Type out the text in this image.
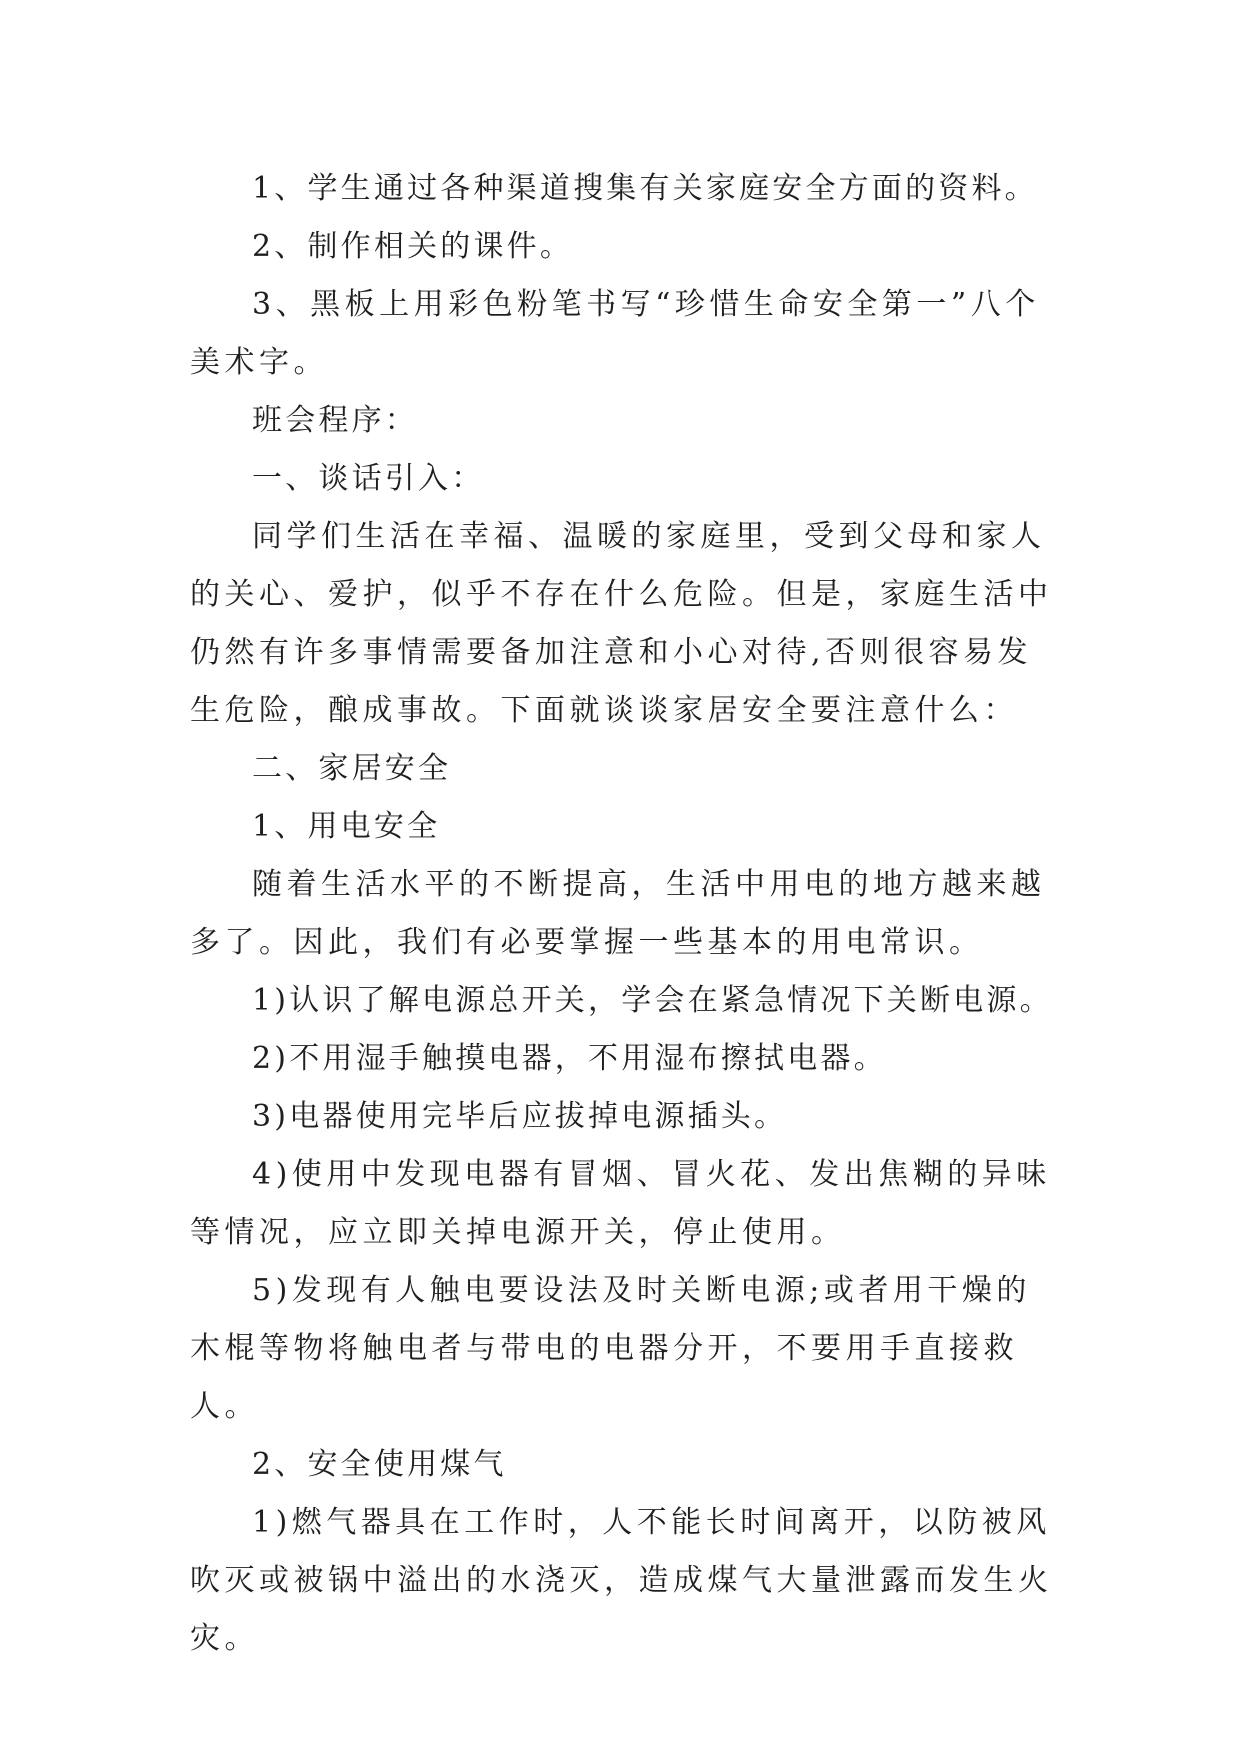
1、学生通过各种渠道搜集有关家庭安全方面的资料。

2、制作相关的课件。

3、黑板上用彩色粉笔书写“珍惜生命安全第一”八个美术字。

班会程序：

一、谈话引入：

同学们生活在幸福、温暖的家庭里，受到父母和家人的关心、爱护，似乎不存在什么危险。但是，家庭生活中仍然有许多事情需要备加注意和小心对待,否则很容易发生危险，酿成事故。下面就谈谈家居安全要注意什么：

二、家居安全

1、用电安全

随着生活水平的不断提高，生活中用电的地方越来越多了。因此，我们有必要掌握一些基本的用电常识。

1)认识了解电源总开关，学会在紧急情况下关断电源。

2)不用湿手触摸电器，不用湿布擦拭电器。

3)电器使用完毕后应拔掉电源插头。

4)使用中发现电器有冒烟、冒火花、发出焦糊的异味等情况，应立即关掉电源开关，停止使用。

5)发现有人触电要设法及时关断电源;或者用干燥的木棍等物将触电者与带电的电器分开，不要用手直接救人。

2、安全使用煤气

1)燃气器具在工作时，人不能长时间离开，以防被风吹灭或被锅中溢出的水浇灭，造成煤气大量泄露而发生火灾。
